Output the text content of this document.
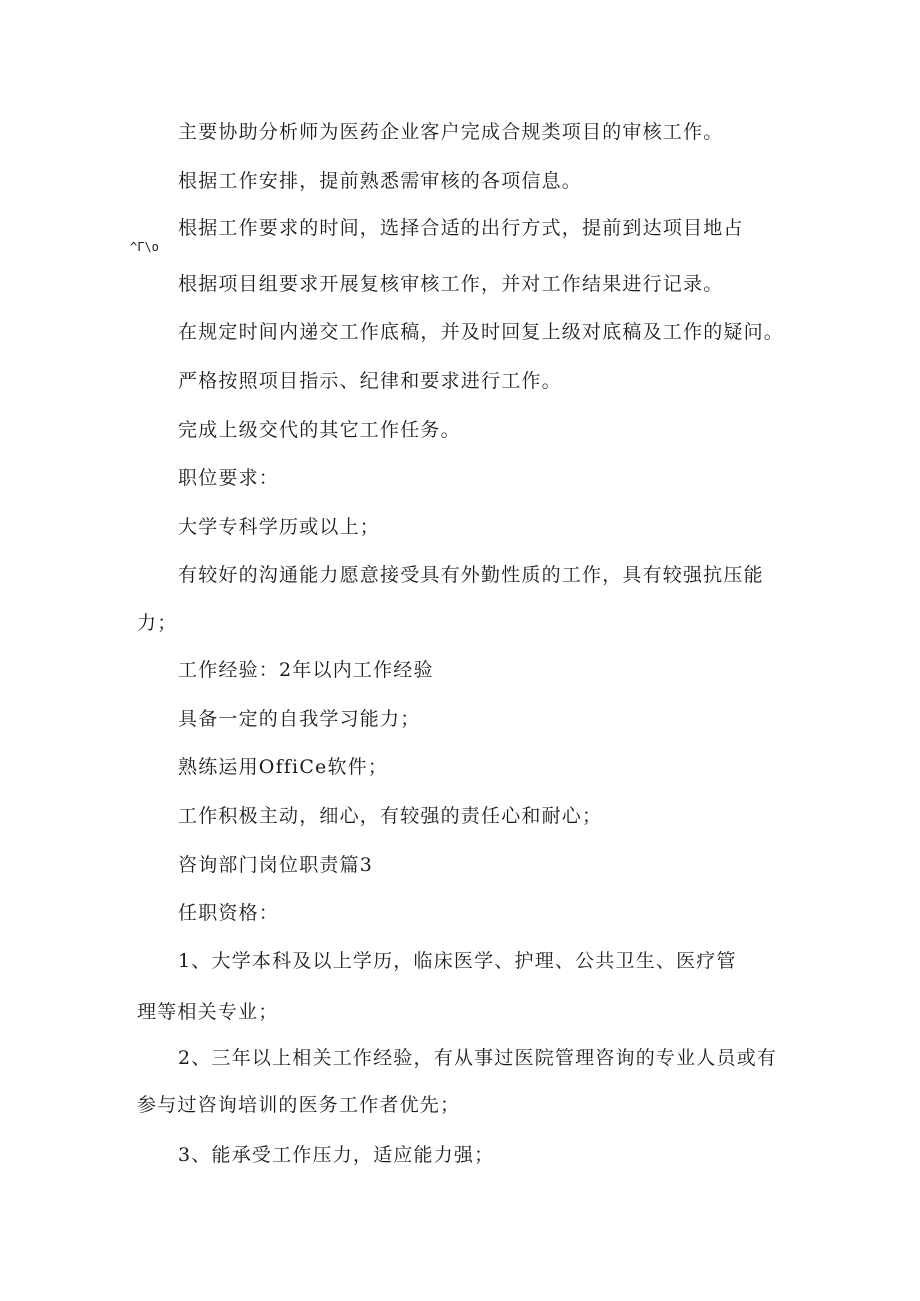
主要协助分析师为医药企业客户完成合规类项目的审核工作。
根据工作安排，提前熟悉需审核的各项信息。
根据工作要求的时间，选择合适的出行方式，提前到达项目地占
^Γ\o
根据项目组要求开展复核审核工作，并对工作结果进行记录。
在规定时间内递交工作底稿，并及时回复上级对底稿及工作的疑问。
严格按照项目指示、纪律和要求进行工作。
完成上级交代的其它工作任务。
职位要求：
大学专科学历或以上；
有较好的沟通能力愿意接受具有外勤性质的工作，具有较强抗压能
力；
工作经验：2年以内工作经验
具备一定的自我学习能力；
熟练运用OffiCe软件；
工作积极主动，细心，有较强的责任心和耐心；
咨询部门岗位职责篇3
任职资格：
1、大学本科及以上学历，临床医学、护理、公共卫生、医疗管
理等相关专业；
2、三年以上相关工作经验，有从事过医院管理咨询的专业人员或有
参与过咨询培训的医务工作者优先；
3、能承受工作压力，适应能力强；
